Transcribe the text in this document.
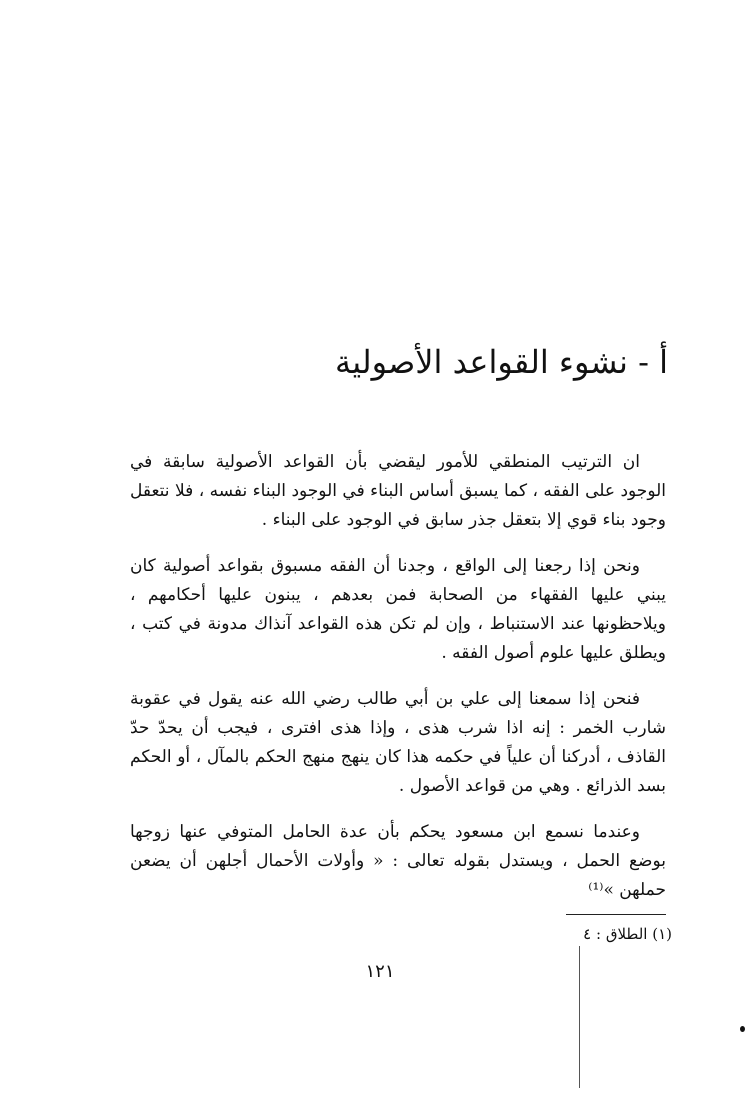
أ - نشوء القواعد الأصولية

ان الترتيب المنطقي للأمور ليقضي بأن القواعد الأصولية سابقة في الوجود على الفقه ، كما يسبق أساس البناء في الوجود البناء نفسه ، فلا نتعقل وجود بناء قوي إلا بتعقل جذر سابق في الوجود على البناء .

ونحن إذا رجعنا إلى الواقع ، وجدنا أن الفقه مسبوق بقواعد أصولية كان يبني عليها الفقهاء من الصحابة فمن بعدهم ، يبنون عليها أحكامهم ، ويلاحظونها عند الاستنباط ، وإن لم تكن هذه القواعد آنذاك مدونة في كتب ، ويطلق عليها علوم أصول الفقه .

فنحن إذا سمعنا إلى علي بن أبي طالب رضي الله عنه يقول في عقوبة شارب الخمر : إنه اذا شرب هذى ، وإذا هذى افترى ، فيجب أن يحدّ حدّ القاذف ، أدركنا أن علياً في حكمه هذا كان ينهج منهج الحكم بالمآل ، أو الحكم بسد الذرائع . وهي من قواعد الأصول .

وعندما نسمع ابن مسعود يحكم بأن عدة الحامل المتوفي عنها زوجها بوضع الحمل ، ويستدل بقوله تعالى : « وأولات الأحمال أجلهن أن يضعن حملهن »⁽¹⁾

(١) الطلاق : ٤
١٢١
